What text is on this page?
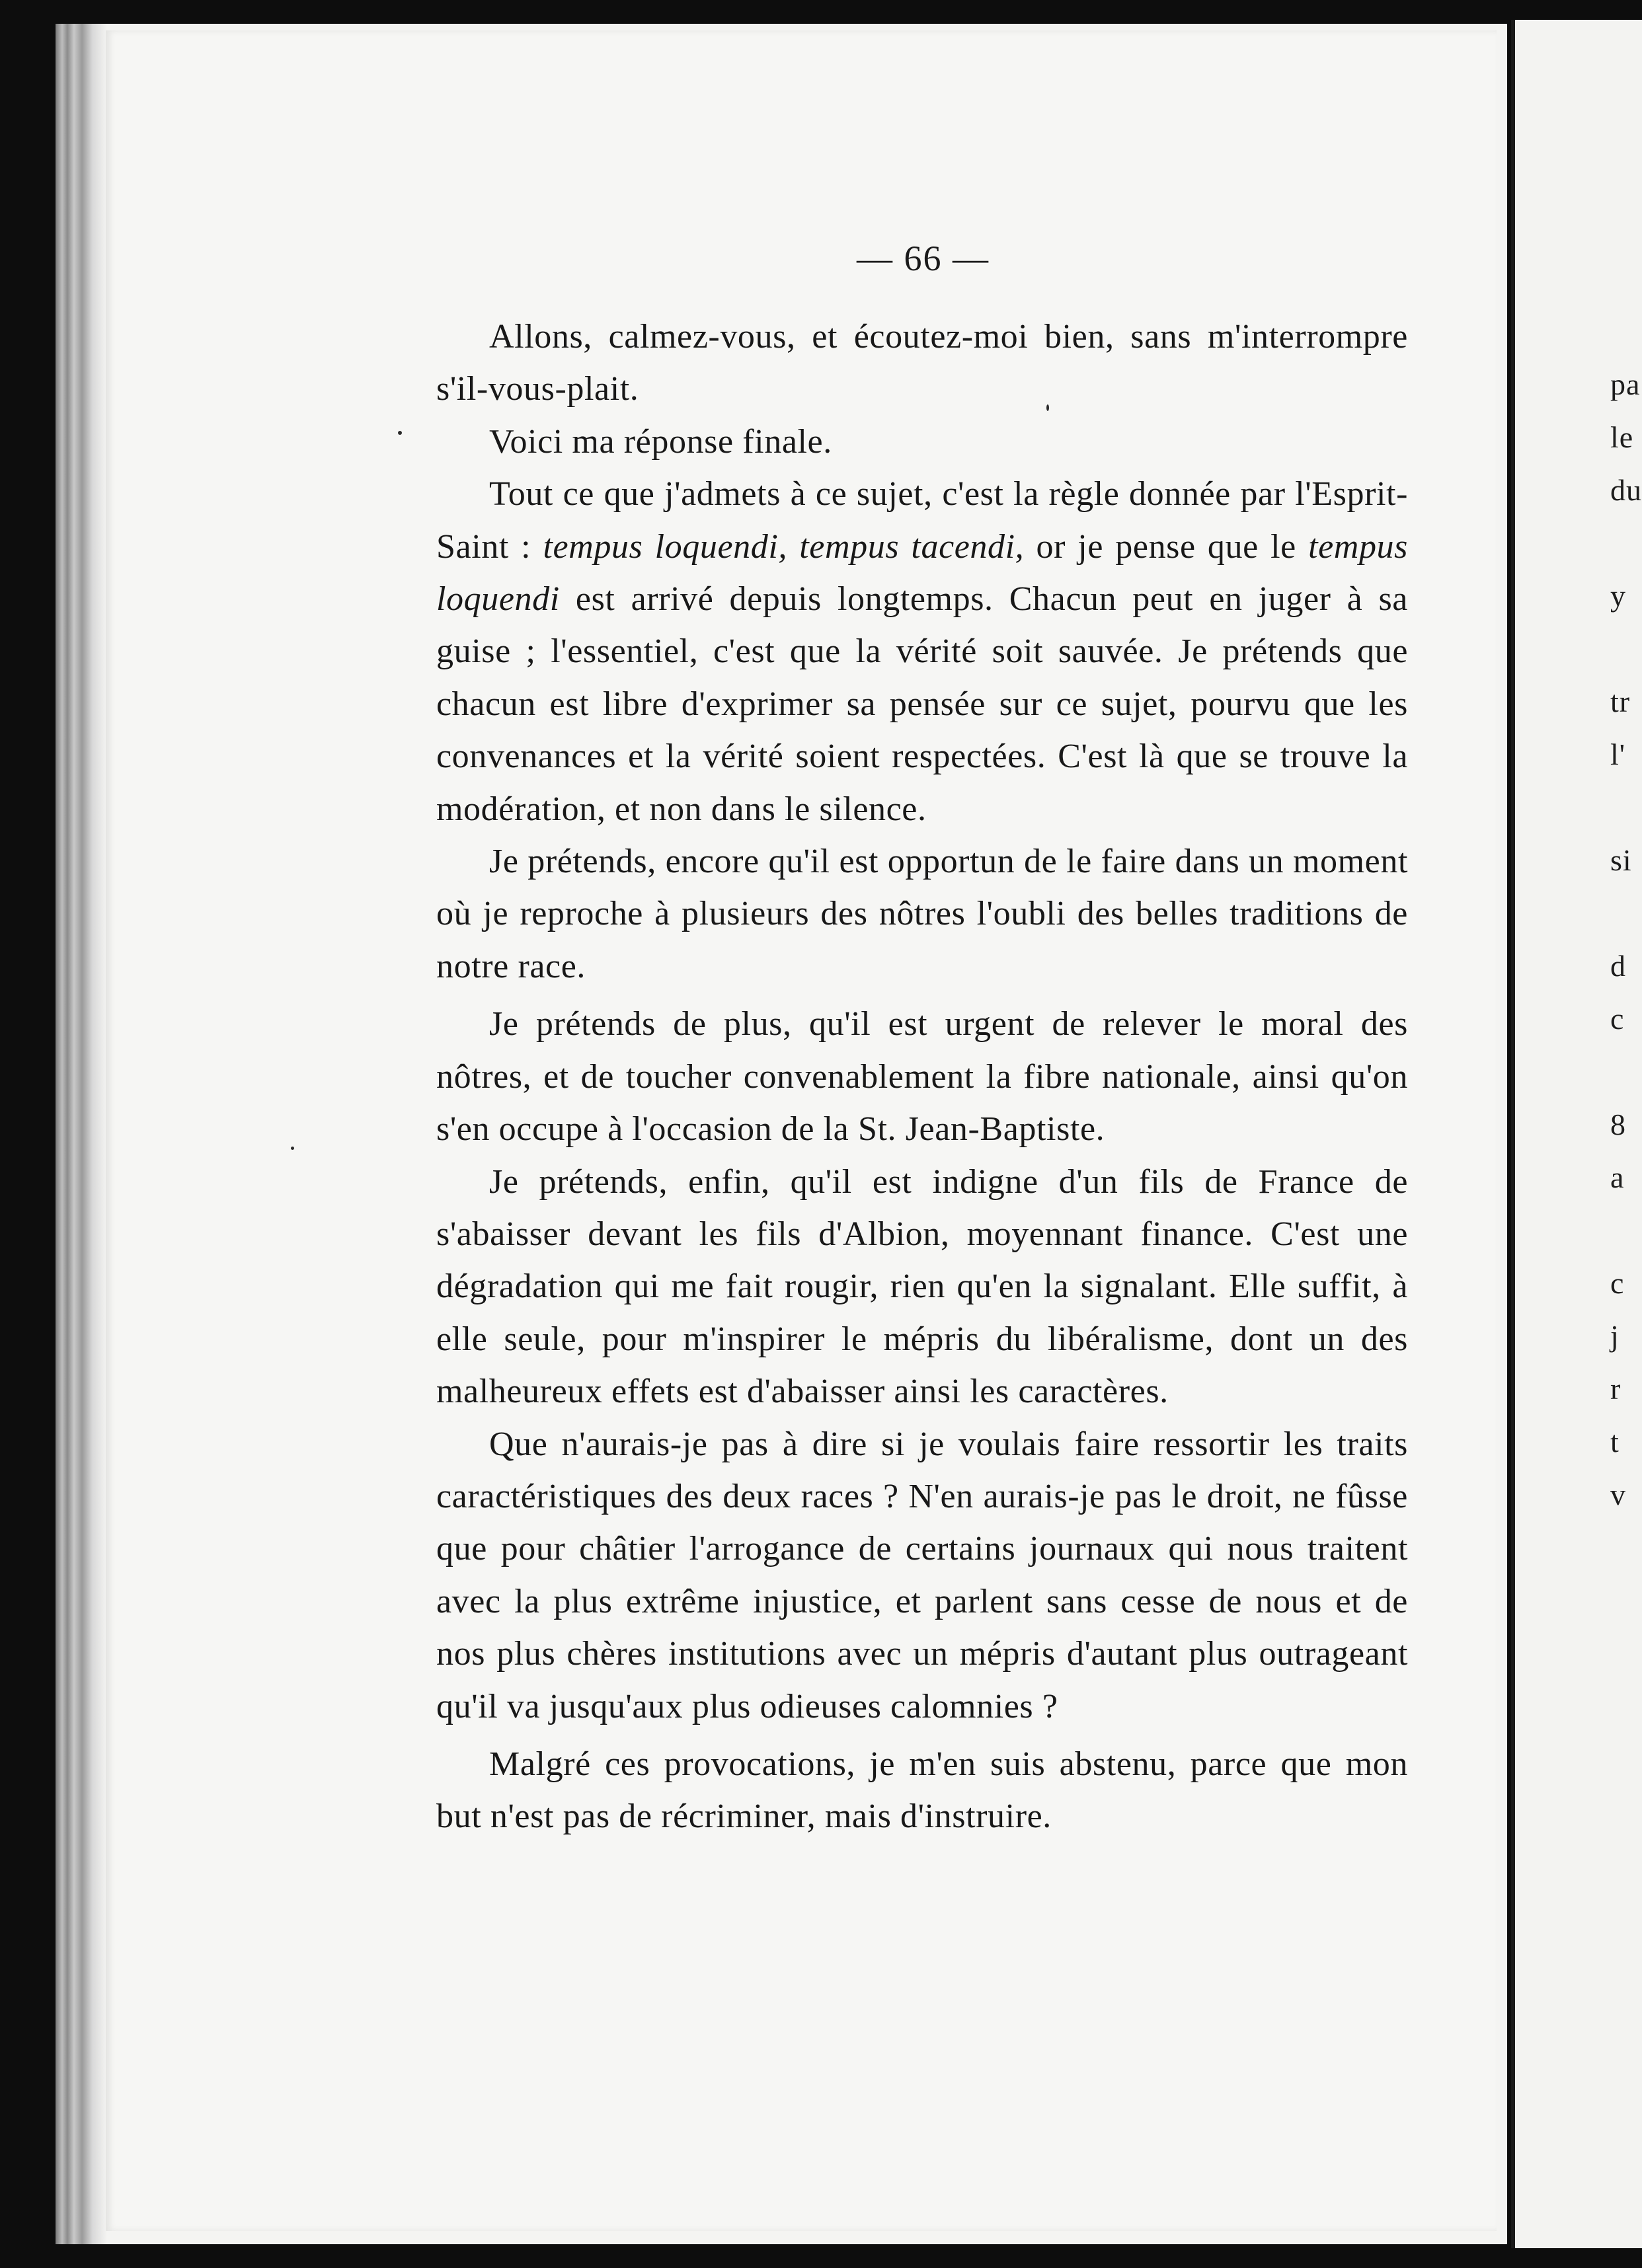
— 66 —

Allons, calmez-vous, et écoutez-moi bien, sans m'interrompre s'il-vous-plait.

Voici ma réponse finale.

Tout ce que j'admets à ce sujet, c'est la règle donnée par l'Esprit-Saint : tempus loquendi, tempus tacendi, or je pense que le tempus loquendi est arrivé depuis longtemps. Chacun peut en juger à sa guise ; l'essentiel, c'est que la vérité soit sauvée. Je prétends que chacun est libre d'exprimer sa pensée sur ce sujet, pourvu que les convenances et la vérité soient respectées. C'est là que se trouve la modération, et non dans le silence.

Je prétends, encore qu'il est opportun de le faire dans un moment où je reproche à plusieurs des nôtres l'oubli des belles traditions de notre race.

Je prétends de plus, qu'il est urgent de relever le moral des nôtres, et de toucher convenablement la fibre nationale, ainsi qu'on s'en occupe à l'occasion de la St. Jean-Baptiste.

Je prétends, enfin, qu'il est indigne d'un fils de France de s'abaisser devant les fils d'Albion, moyennant finance. C'est une dégradation qui me fait rougir, rien qu'en la signalant. Elle suffit, à elle seule, pour m'inspirer le mépris du libéralisme, dont un des malheureux effets est d'abaisser ainsi les caractères.

Que n'aurais-je pas à dire si je voulais faire ressortir les traits caractéristiques des deux races ? N'en aurais-je pas le droit, ne fûsse que pour châtier l'arrogance de certains journaux qui nous traitent avec la plus extrême injustice, et parlent sans cesse de nous et de nos plus chères institutions avec un mépris d'autant plus outrageant qu'il va jusqu'aux plus odieuses calomnies ?

Malgré ces provocations, je m'en suis abstenu, parce que mon but n'est pas de récriminer, mais d'instruire.

pa
le
du
y
tr
l'
si
d
c
8
a
c
j
r
t
v
